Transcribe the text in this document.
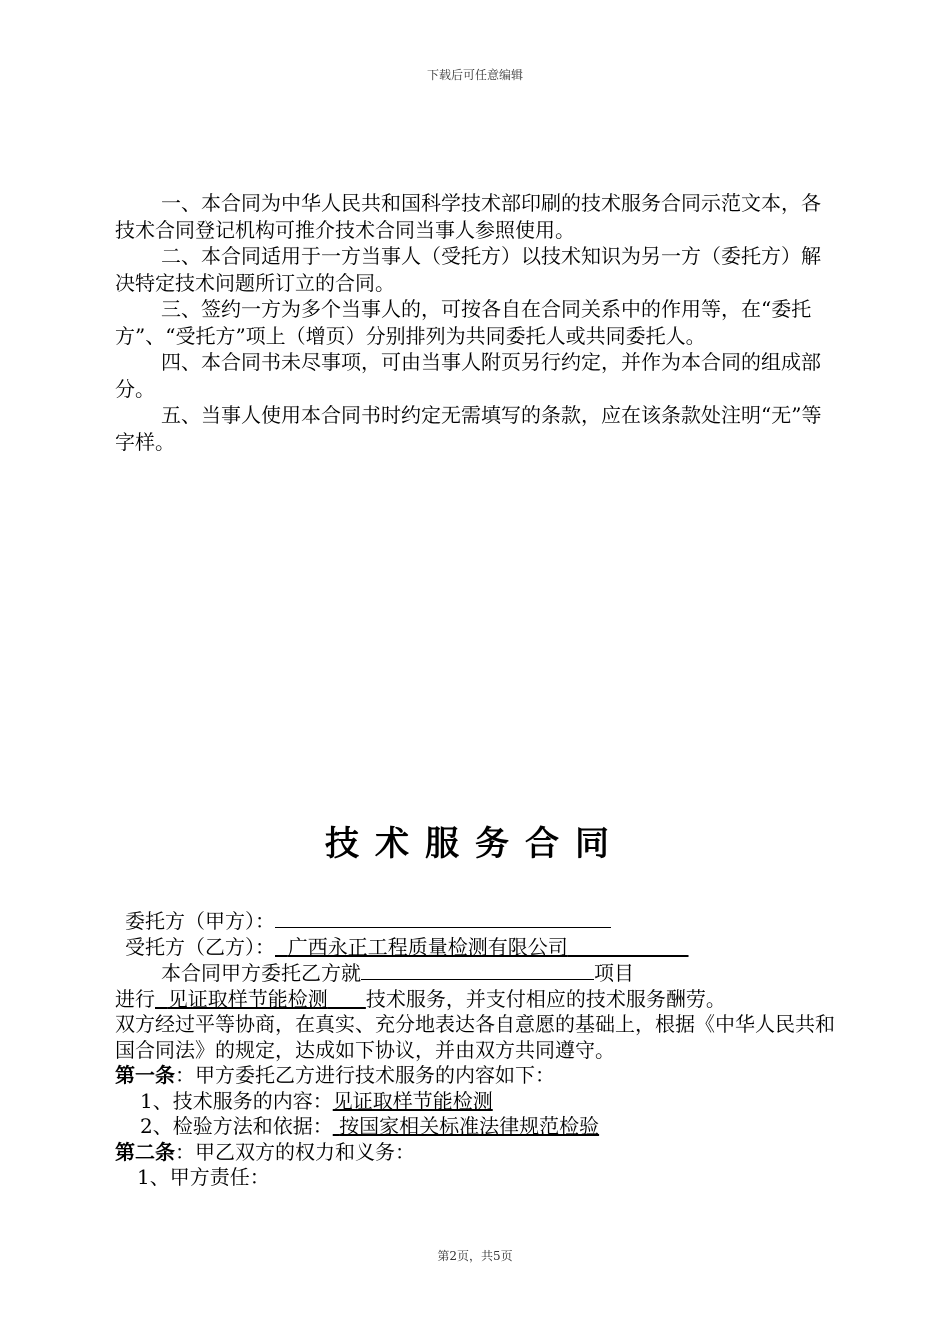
下载后可任意编辑

一、本合同为中华人民共和国科学技术部印刷的技术服务合同示范文本，各技术合同登记机构可推介技术合同当事人参照使用。

二、本合同适用于一方当事人（受托方）以技术知识为另一方（委托方）解决特定技术问题所订立的合同。

三、签约一方为多个当事人的，可按各自在合同关系中的作用等，在“委托方”、“受托方”项上（增页）分别排列为共同委托人或共同委托人。

四、本合同书未尽事项，可由当事人附页另行约定，并作为本合同的组成部分。

五、当事人使用本合同书时约定无需填写的条款，应在该条款处注明“无”等字样。

技术服务合同
委托方（甲方）：
受托方（乙方）： 广西永正工程质量检测有限公司
本合同甲方委托乙方就	项目
进行 见证取样节能检测 技术服务，并支付相应的技术服务酬劳。
双方经过平等协商，在真实、充分地表达各自意愿的基础上，根据《中华人民共和国合同法》的规定，达成如下协议，并由双方共同遵守。
第一条：甲方委托乙方进行技术服务的内容如下：
1、技术服务的内容：见证取样节能检测
2、检验方法和依据： 按国家相关标准法律规范检验
第二条：甲乙双方的权力和义务：
1、甲方责任：
第2页，共5页
